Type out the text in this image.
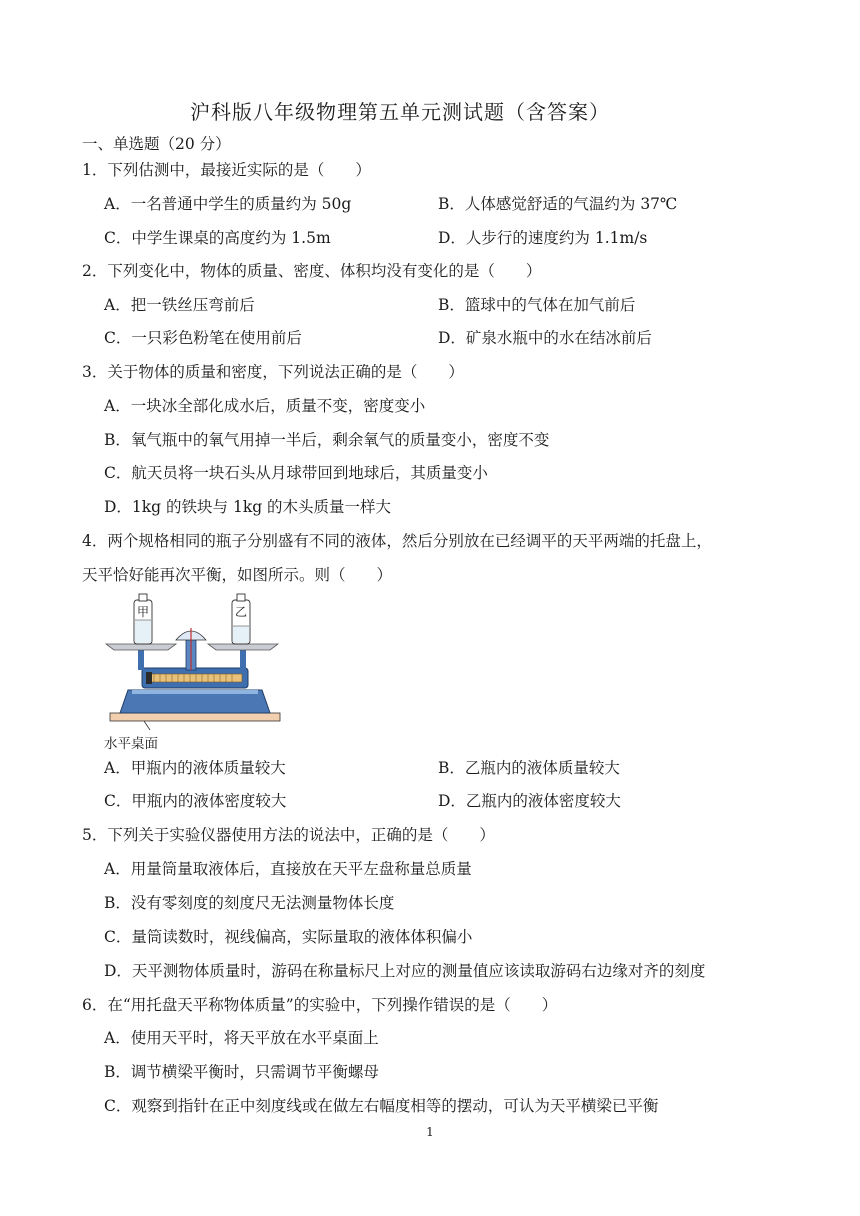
沪科版八年级物理第五单元测试题（含答案）
一、单选题（20 分）
1．下列估测中，最接近实际的是（　　）
A．一名普通中学生的质量约为 50g	B．人体感觉舒适的气温约为 37℃
C．中学生课桌的高度约为 1.5m	D．人步行的速度约为 1.1m/s
2．下列变化中，物体的质量、密度、体积均没有变化的是（　　）
A．把一铁丝压弯前后	B．篮球中的气体在加气前后
C．一只彩色粉笔在使用前后	D．矿泉水瓶中的水在结冰前后
3．关于物体的质量和密度，下列说法正确的是（　　）
A．一块冰全部化成水后，质量不变，密度变小
B．氧气瓶中的氧气用掉一半后，剩余氧气的质量变小，密度不变
C．航天员将一块石头从月球带回到地球后，其质量变小
D．1kg 的铁块与 1kg 的木头质量一样大
4．两个规格相同的瓶子分别盛有不同的液体，然后分别放在已经调平的天平两端的托盘上，
天平恰好能再次平衡，如图所示。则（　　）
甲	乙
水平桌面
A．甲瓶内的液体质量较大	B．乙瓶内的液体质量较大
C．甲瓶内的液体密度较大	D．乙瓶内的液体密度较大
5．下列关于实验仪器使用方法的说法中，正确的是（　　）
A．用量筒量取液体后，直接放在天平左盘称量总质量
B．没有零刻度的刻度尺无法测量物体长度
C．量筒读数时，视线偏高，实际量取的液体体积偏小
D．天平测物体质量时，游码在称量标尺上对应的测量值应该读取游码右边缘对齐的刻度
6．在“用托盘天平称物体质量”的实验中，下列操作错误的是（　　）
A．使用天平时，将天平放在水平桌面上
B．调节横梁平衡时，只需调节平衡螺母
C．观察到指针在正中刻度线或在做左右幅度相等的摆动，可认为天平横梁已平衡
1
